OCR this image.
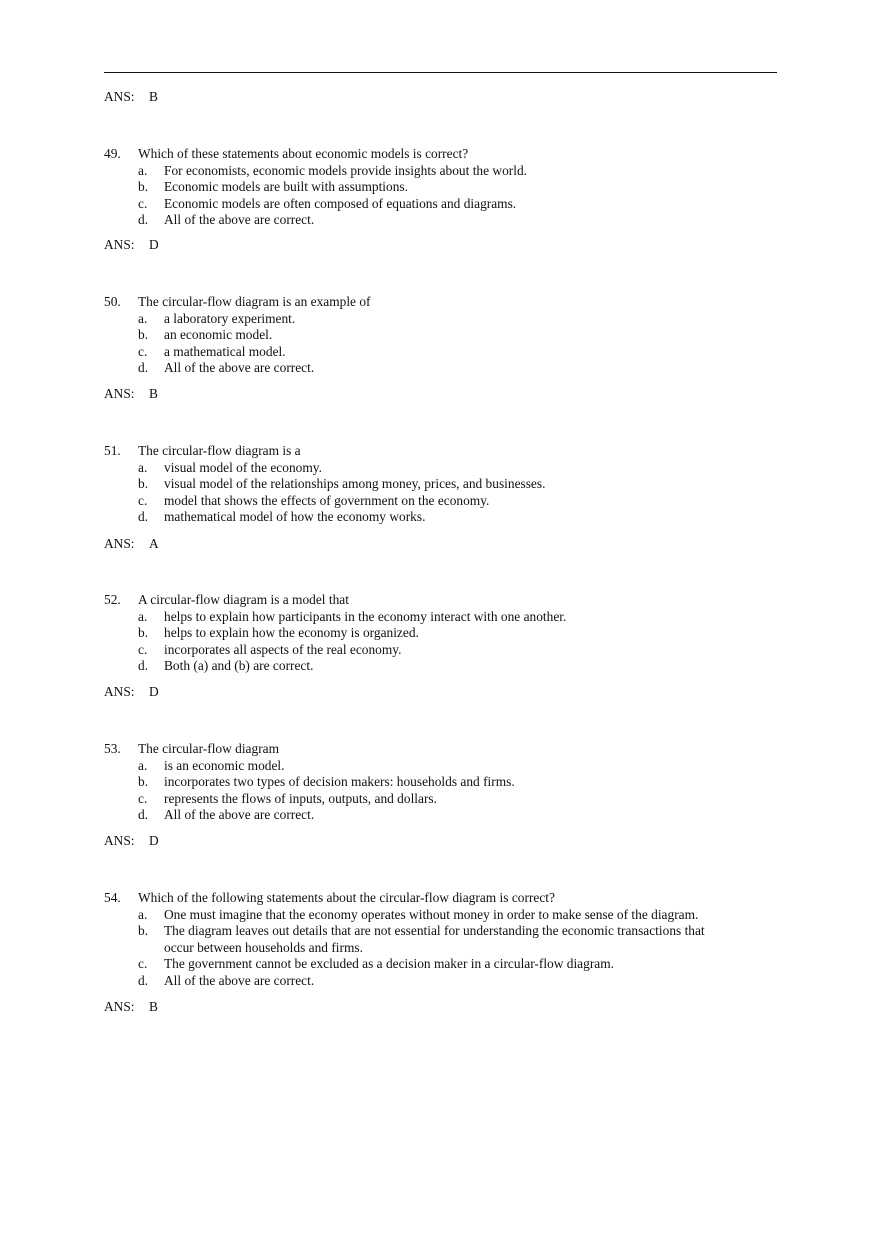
ANS: B
49.	Which of these statements about economic models is correct?
a.	For economists, economic models provide insights about the world.
b.	Economic models are built with assumptions.
c.	Economic models are often composed of equations and diagrams.
d.	All of the above are correct.
ANS: D
50.	The circular-flow diagram is an example of
a.	a laboratory experiment.
b.	an economic model.
c.	a mathematical model.
d.	All of the above are correct.
ANS: B
51.	The circular-flow diagram is a
a.	visual model of the economy.
b.	visual model of the relationships among money, prices, and businesses.
c.	model that shows the effects of government on the economy.
d.	mathematical model of how the economy works.
ANS: A
52.	A circular-flow diagram is a model that
a.	helps to explain how participants in the economy interact with one another.
b.	helps to explain how the economy is organized.
c.	incorporates all aspects of the real economy.
d.	Both (a) and (b) are correct.
ANS: D
53.	The circular-flow diagram
a.	is an economic model.
b.	incorporates two types of decision makers: households and firms.
c.	represents the flows of inputs, outputs, and dollars.
d.	All of the above are correct.
ANS: D
54.	Which of the following statements about the circular-flow diagram is correct?
a.	One must imagine that the economy operates without money in order to make sense of the diagram.
b.	The diagram leaves out details that are not essential for understanding the economic transactions that occur between households and firms.
c.	The government cannot be excluded as a decision maker in a circular-flow diagram.
d.	All of the above are correct.
ANS: B
